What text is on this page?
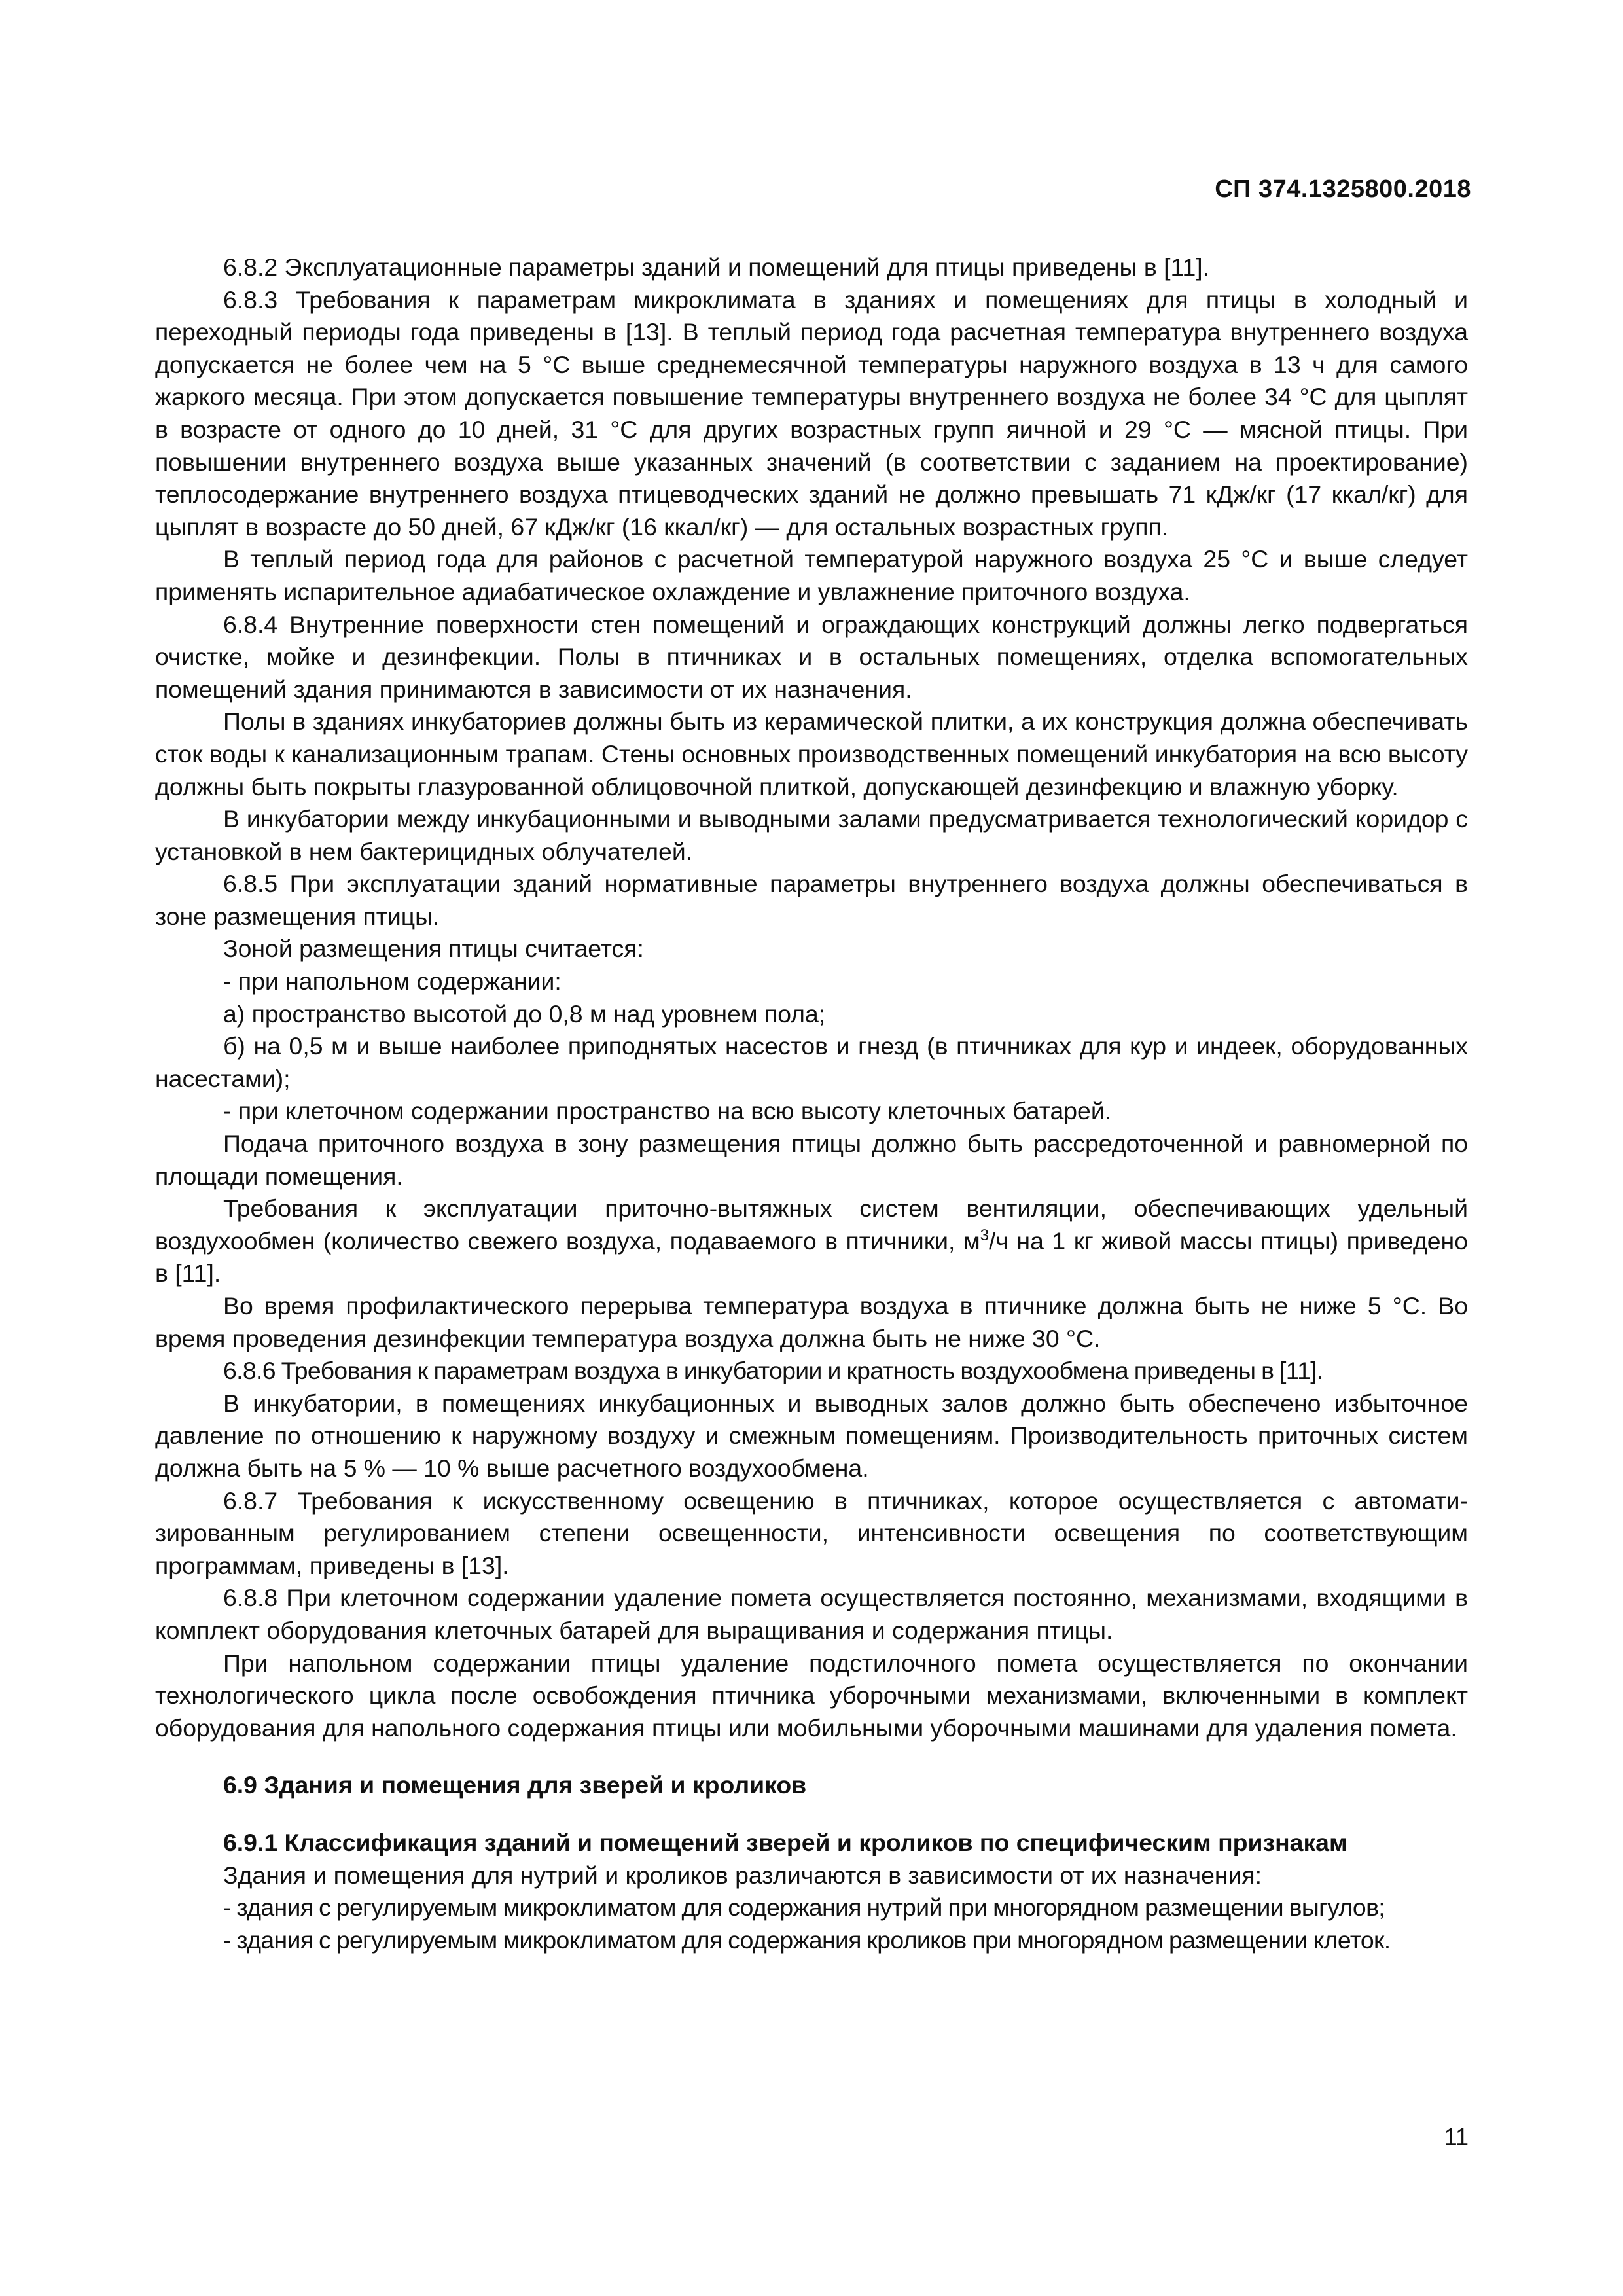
СП 374.1325800.2018

6.8.2 Эксплуатационные параметры зданий и помещений для птицы приведены в [11].

6.8.3 Требования к параметрам микроклимата в зданиях и помещениях для птицы в холодный и переходный периоды года приведены в [13]. В теплый период года расчетная температура внутреннего воздуха допускается не более чем на 5 °С выше среднемесячной температуры наружного воздуха в 13 ч для самого жаркого месяца. При этом допускается повышение температуры внутреннего воздуха не более 34 °С для цыплят в возрасте от одного до 10 дней, 31 °С для других возрастных групп яичной и 29 °С — мясной птицы. При повышении внутреннего воздуха выше указанных значений (в соответствии с заданием на проектирование) теплосодержание внутреннего воздуха птицеводческих зданий не должно превышать 71 кДж/кг (17 ккал/кг) для цыплят в возрасте до 50 дней, 67 кДж/кг (16 ккал/кг) — для остальных возрастных групп.

В теплый период года для районов с расчетной температурой наружного воздуха 25 °С и выше следует применять испарительное адиабатическое охлаждение и увлажнение приточного воздуха.

6.8.4 Внутренние поверхности стен помещений и ограждающих конструкций должны легко подвергаться очистке, мойке и дезинфекции. Полы в птичниках и в остальных помещениях, отделка вспомогательных помещений здания принимаются в зависимости от их назначения.

Полы в зданиях инкубаториев должны быть из керамической плитки, а их конструкция должна обеспечивать сток воды к канализационным трапам. Стены основных производственных помещений инкубатория на всю высоту должны быть покрыты глазурованной облицовочной плиткой, допускающей дезинфекцию и влажную уборку.

В инкубатории между инкубационными и выводными залами предусматривается технологический коридор с установкой в нем бактерицидных облучателей.

6.8.5 При эксплуатации зданий нормативные параметры внутреннего воздуха должны обеспечиваться в зоне размещения птицы.

Зоной размещения птицы считается:

- при напольном содержании:

а) пространство высотой до 0,8 м над уровнем пола;

б) на 0,5 м и выше наиболее приподнятых насестов и гнезд (в птичниках для кур и индеек, оборудованных насестами);

- при клеточном содержании пространство на всю высоту клеточных батарей.

Подача приточного воздуха в зону размещения птицы должно быть рассредоточенной и равномерной по площади помещения.

Требования к эксплуатации приточно-вытяжных систем вентиляции, обеспечивающих удельный воздухообмен (количество свежего воздуха, подаваемого в птичники, $м^3/ч$ на 1 кг живой массы птицы) приведено в [11].

Во время профилактического перерыва температура воздуха в птичнике должна быть не ниже 5 °С. Во время проведения дезинфекции температура воздуха должна быть не ниже 30 °С.

6.8.6 Требования к параметрам воздуха в инкубатории и кратность воздухообмена приведены в [11].

В инкубатории, в помещениях инкубационных и выводных залов должно быть обеспечено избыточное давление по отношению к наружному воздуху и смежным помещениям. Производительность приточных систем должна быть на 5 % — 10 % выше расчетного воздухообмена.

6.8.7 Требования к искусственному освещению в птичниках, которое осуществляется с автоматизированным регулированием степени освещенности, интенсивности освещения по соответствующим программам, приведены в [13].

6.8.8 При клеточном содержании удаление помета осуществляется постоянно, механизмами, входящими в комплект оборудования клеточных батарей для выращивания и содержания птицы.

При напольном содержании птицы удаление подстилочного помета осуществляется по окончании технологического цикла после освобождения птичника уборочными механизмами, включенными в комплект оборудования для напольного содержания птицы или мобильными уборочными машинами для удаления помета.

6.9 Здания и помещения для зверей и кроликов

6.9.1 Классификация зданий и помещений зверей и кроликов по специфическим признакам

Здания и помещения для нутрий и кроликов различаются в зависимости от их назначения:

- здания с регулируемым микроклиматом для содержания нутрий при многорядном размещении выгулов;

- здания с регулируемым микроклиматом для содержания кроликов при многорядном размещении клеток.

11
